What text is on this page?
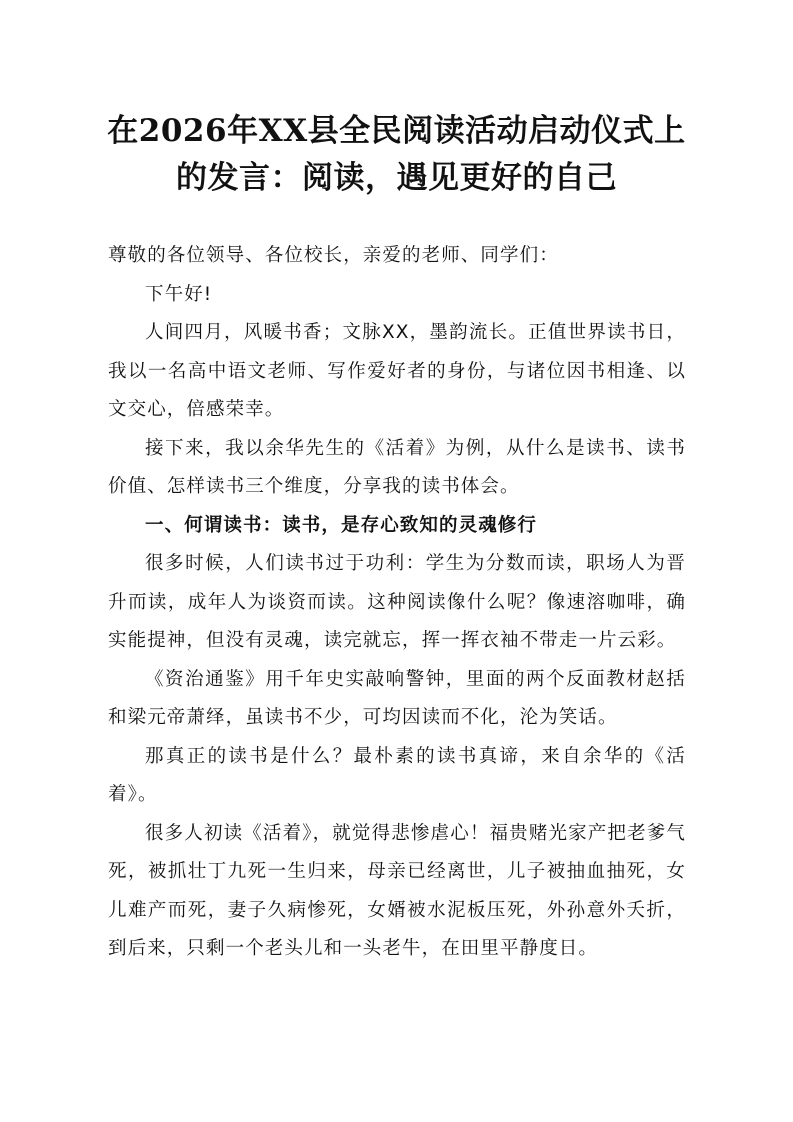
在2026年XX县全民阅读活动启动仪式上的发言：阅读，遇见更好的自己

尊敬的各位领导、各位校长，亲爱的老师、同学们：

下午好!

人间四月，风暖书香；文脉XX，墨韵流长。正值世界读书日，我以一名高中语文老师、写作爱好者的身份，与诸位因书相逢、以文交心，倍感荣幸。

接下来，我以余华先生的《活着》为例，从什么是读书、读书价值、怎样读书三个维度，分享我的读书体会。

一、何谓读书：读书，是存心致知的灵魂修行

很多时候，人们读书过于功利：学生为分数而读，职场人为晋升而读，成年人为谈资而读。这种阅读像什么呢？像速溶咖啡，确实能提神，但没有灵魂，读完就忘，挥一挥衣袖不带走一片云彩。

《资治通鉴》用千年史实敲响警钟，里面的两个反面教材赵括和梁元帝萧绎，虽读书不少，可均因读而不化，沦为笑话。

那真正的读书是什么？最朴素的读书真谛，来自余华的《活着》。

很多人初读《活着》，就觉得悲惨虐心！福贵赌光家产把老爹气死，被抓壮丁九死一生归来，母亲已经离世，儿子被抽血抽死，女儿难产而死，妻子久病惨死，女婿被水泥板压死，外孙意外夭折，到后来，只剩一个老头儿和一头老牛，在田里平静度日。
